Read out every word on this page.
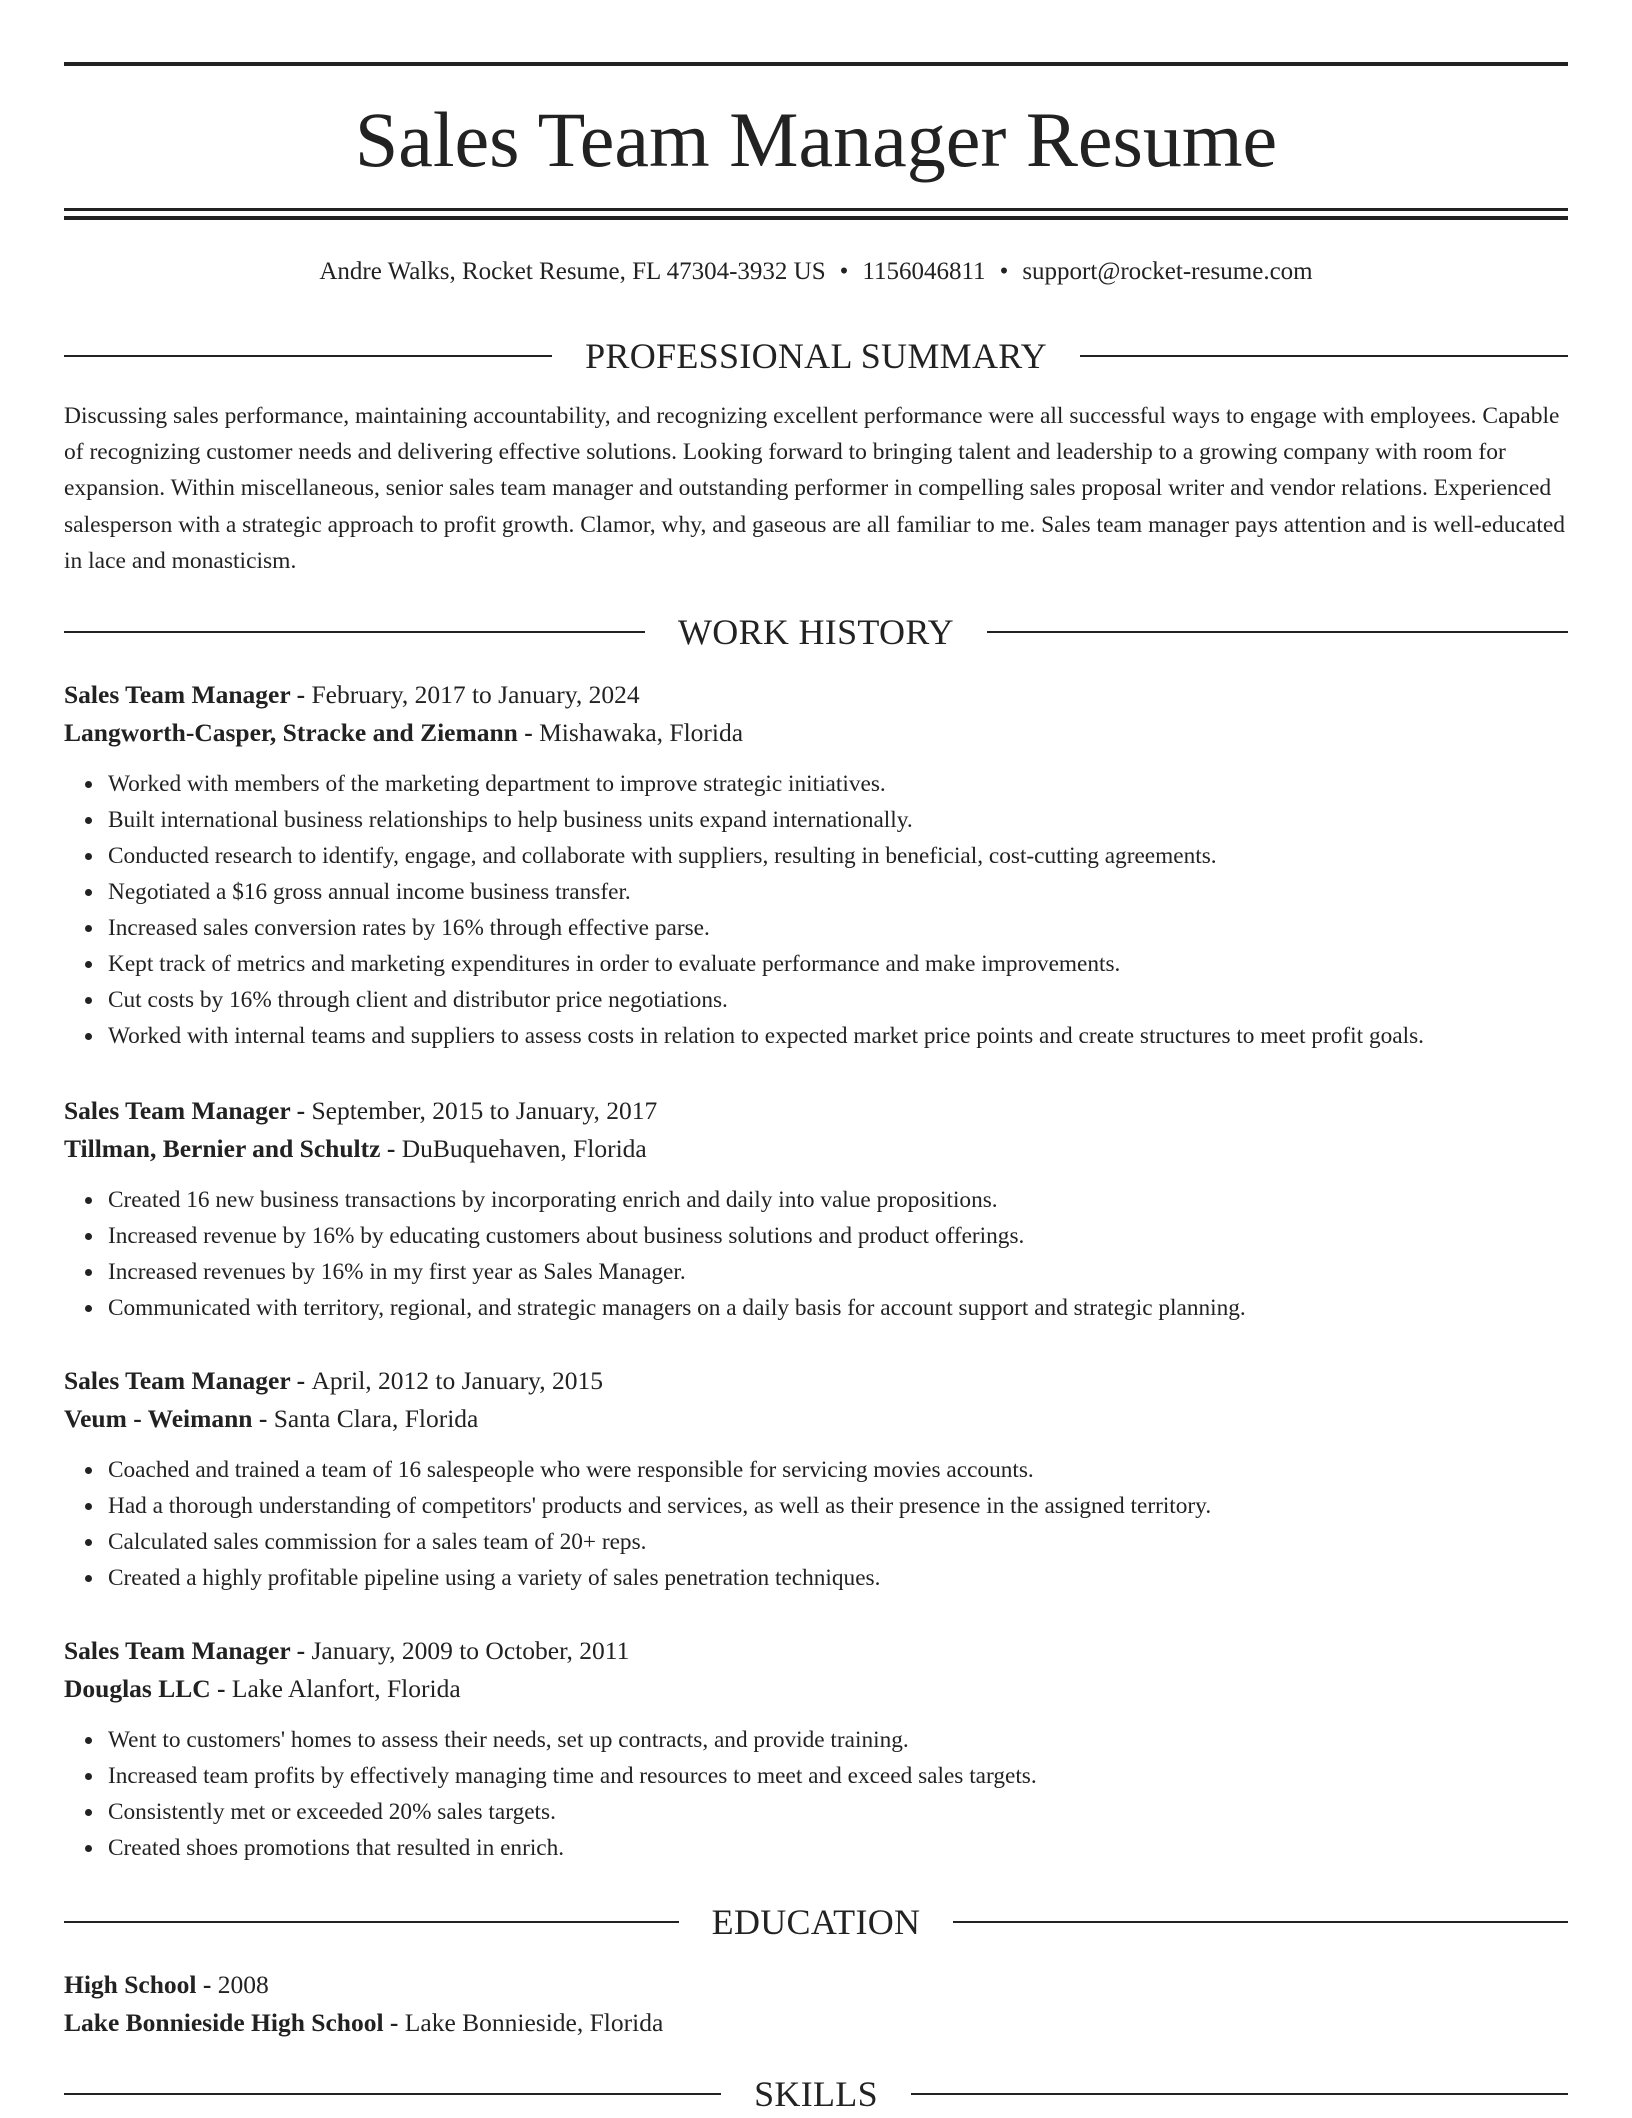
Sales Team Manager Resume
Andre Walks, Rocket Resume, FL 47304-3932 US • 1156046811 • support@rocket-resume.com
PROFESSIONAL SUMMARY

Discussing sales performance, maintaining accountability, and recognizing excellent performance were all successful ways to engage with employees. Capable of recognizing customer needs and delivering effective solutions. Looking forward to bringing talent and leadership to a growing company with room for expansion. Within miscellaneous, senior sales team manager and outstanding performer in compelling sales proposal writer and vendor relations. Experienced salesperson with a strategic approach to profit growth. Clamor, why, and gaseous are all familiar to me. Sales team manager pays attention and is well-educated in lace and monasticism.

WORK HISTORY
Sales Team Manager - February, 2017 to January, 2024
Langworth-Casper, Stracke and Ziemann - Mishawaka, Florida
Worked with members of the marketing department to improve strategic initiatives.
Built international business relationships to help business units expand internationally.
Conducted research to identify, engage, and collaborate with suppliers, resulting in beneficial, cost-cutting agreements.
Negotiated a $16 gross annual income business transfer.
Increased sales conversion rates by 16% through effective parse.
Kept track of metrics and marketing expenditures in order to evaluate performance and make improvements.
Cut costs by 16% through client and distributor price negotiations.
Worked with internal teams and suppliers to assess costs in relation to expected market price points and create structures to meet profit goals.
Sales Team Manager - September, 2015 to January, 2017
Tillman, Bernier and Schultz - DuBuquehaven, Florida
Created 16 new business transactions by incorporating enrich and daily into value propositions.
Increased revenue by 16% by educating customers about business solutions and product offerings.
Increased revenues by 16% in my first year as Sales Manager.
Communicated with territory, regional, and strategic managers on a daily basis for account support and strategic planning.
Sales Team Manager - April, 2012 to January, 2015
Veum - Weimann - Santa Clara, Florida
Coached and trained a team of 16 salespeople who were responsible for servicing movies accounts.
Had a thorough understanding of competitors' products and services, as well as their presence in the assigned territory.
Calculated sales commission for a sales team of 20+ reps.
Created a highly profitable pipeline using a variety of sales penetration techniques.
Sales Team Manager - January, 2009 to October, 2011
Douglas LLC - Lake Alanfort, Florida
Went to customers' homes to assess their needs, set up contracts, and provide training.
Increased team profits by effectively managing time and resources to meet and exceed sales targets.
Consistently met or exceeded 20% sales targets.
Created shoes promotions that resulted in enrich.
EDUCATION
High School - 2008
Lake Bonnieside High School - Lake Bonnieside, Florida
SKILLS
